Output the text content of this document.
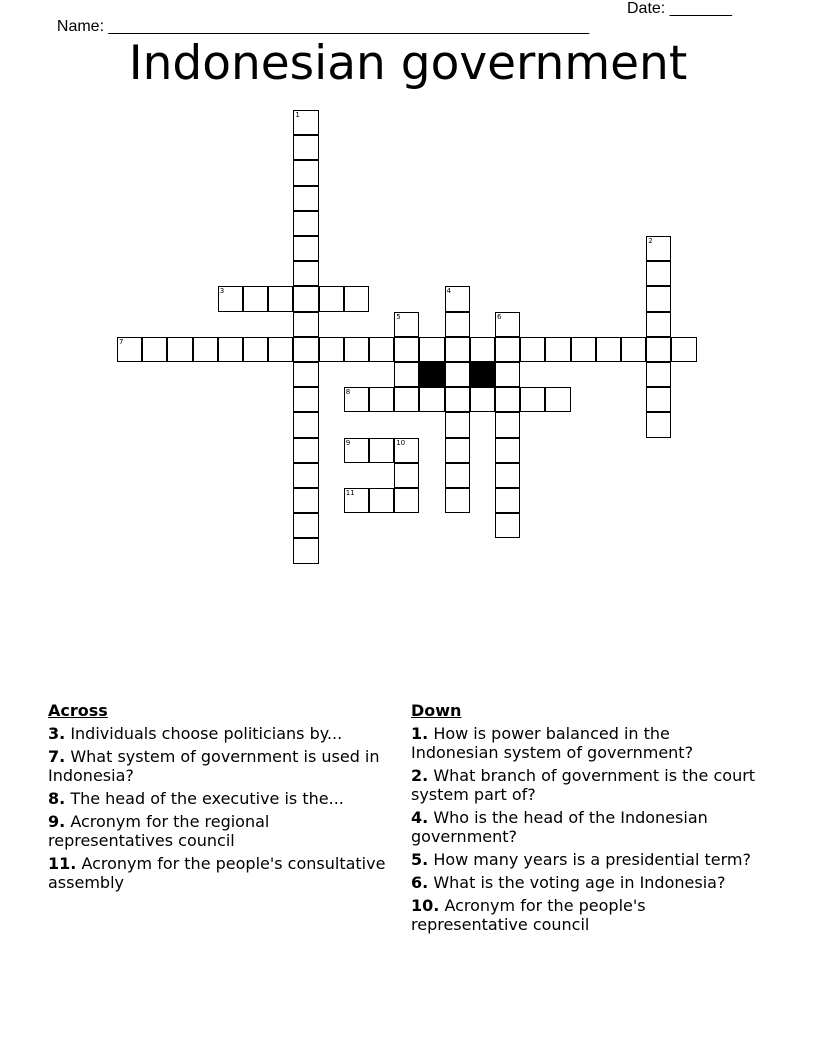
Name: ______________________________________________________

Date: _______

Indonesian government
1
2
3	4
5	6
7
8
9	10
11
Across
3. Individuals choose politicians by...
7. What system of government is used in Indonesia?
8. The head of the executive is the...
9. Acronym for the regional representatives council
11. Acronym for the people's consultative assembly
Down
1. How is power balanced in the Indonesian system of government?
2. What branch of government is the court system part of?
4. Who is the head of the Indonesian government?
5. How many years is a presidential term?
6. What is the voting age in Indonesia?
10. Acronym for the people's representative council
